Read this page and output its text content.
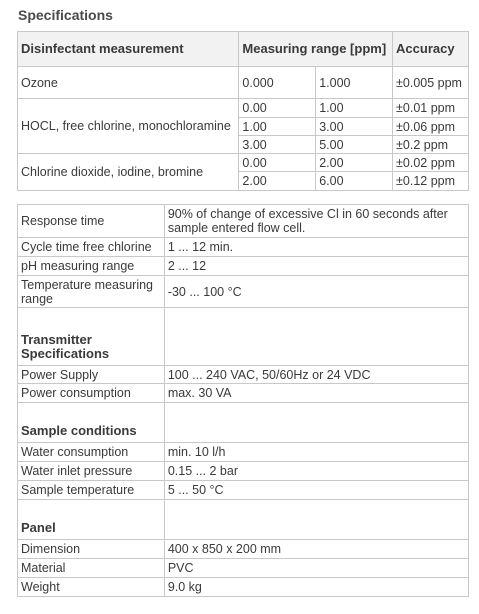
Specifications
Disinfectant measurement	Measuring range [ppm]		Accuracy
Ozone	0.000	1.000	±0.005 ppm
HOCL, free chlorine, monochloramine	0.00	1.00	±0.01 ppm
	1.00	3.00	±0.06 ppm
	3.00	5.00	±0.2 ppm
Chlorine dioxide, iodine, bromine	0.00	2.00	±0.02 ppm
	2.00	6.00	±0.12 ppm
Response time	90% of change of excessive Cl in 60 seconds after sample entered flow cell.
Cycle time free chlorine	1 ... 12 min.
pH measuring range	2 ... 12
Temperature measuring range	-30 ... 100 °C
Transmitter Specifications	
Power Supply	100 ... 240 VAC, 50/60Hz or 24 VDC
Power consumption	max. 30 VA
Sample conditions	
Water consumption	min. 10 l/h
Water inlet pressure	0.15 ... 2 bar
Sample temperature	5 ... 50 °C
Panel	
Dimension	400 x 850 x 200 mm
Material	PVC
Weight	9.0 kg
